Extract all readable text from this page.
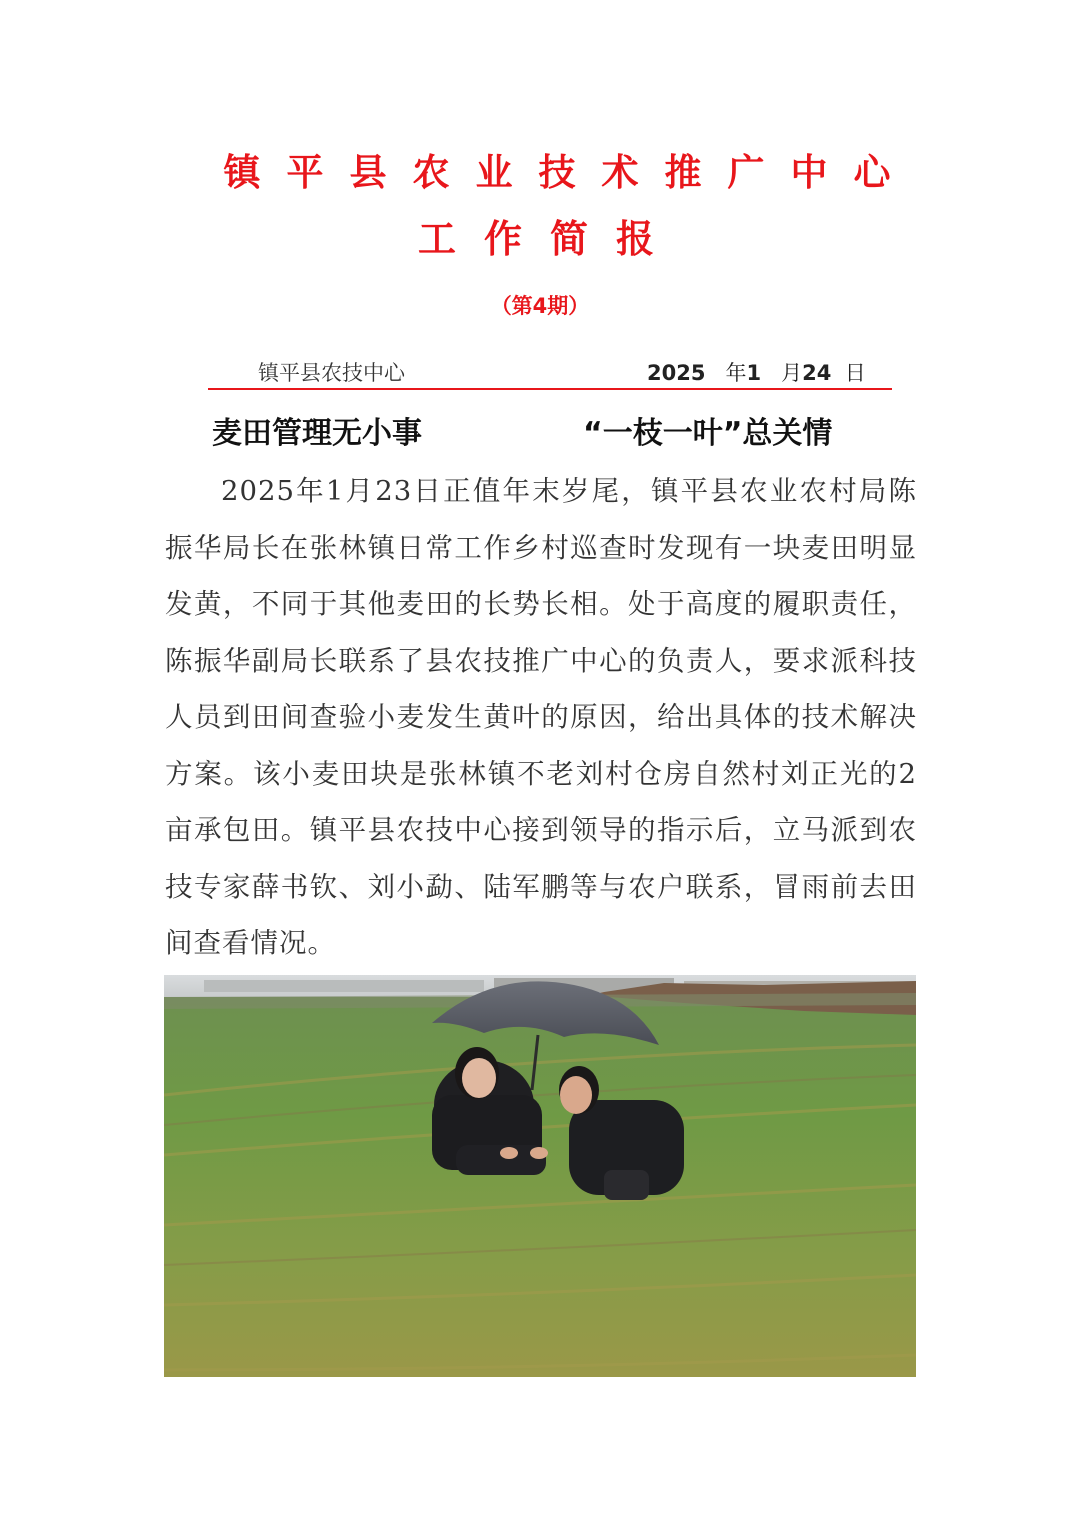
镇平县农业技术推广中心
工作简报
（第4期）
镇平县农技中心	2025 年1 月24 日
麦田管理无小事	“一枝一叶”总关情
2025年1月23日正值年末岁尾，镇平县农业农村局陈振华局长在张林镇日常工作乡村巡查时发现有一块麦田明显发黄，不同于其他麦田的长势长相。处于高度的履职责任，陈振华副局长联系了县农技推广中心的负责人，要求派科技人员到田间查验小麦发生黄叶的原因，给出具体的技术解决方案。该小麦田块是张林镇不老刘村仓房自然村刘正光的2亩承包田。镇平县农技中心接到领导的指示后，立马派到农技专家薛书钦、刘小勐、陆军鹏等与农户联系，冒雨前去田间查看情况。
